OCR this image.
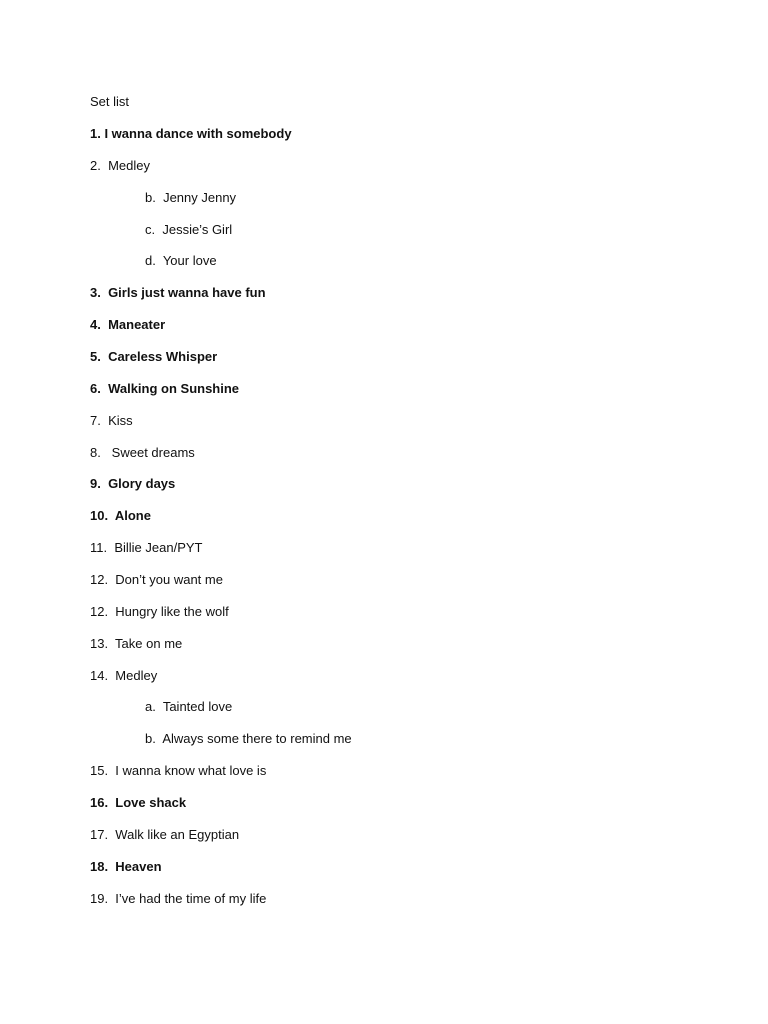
Set list
1. I wanna dance with somebody
2.  Medley
b.  Jenny Jenny
c.  Jessie’s Girl
d.  Your love
3.  Girls just wanna have fun
4.  Maneater
5.  Careless Whisper
6.  Walking on Sunshine
7.  Kiss
8.   Sweet dreams
9.  Glory days
10.  Alone
11.  Billie Jean/PYT
12.  Don’t you want me
12.  Hungry like the wolf
13.  Take on me
14.  Medley
a.  Tainted love
b.  Always some there to remind me
15.  I wanna know what love is
16.  Love shack
17.  Walk like an Egyptian
18.  Heaven
19.  I’ve had the time of my life
